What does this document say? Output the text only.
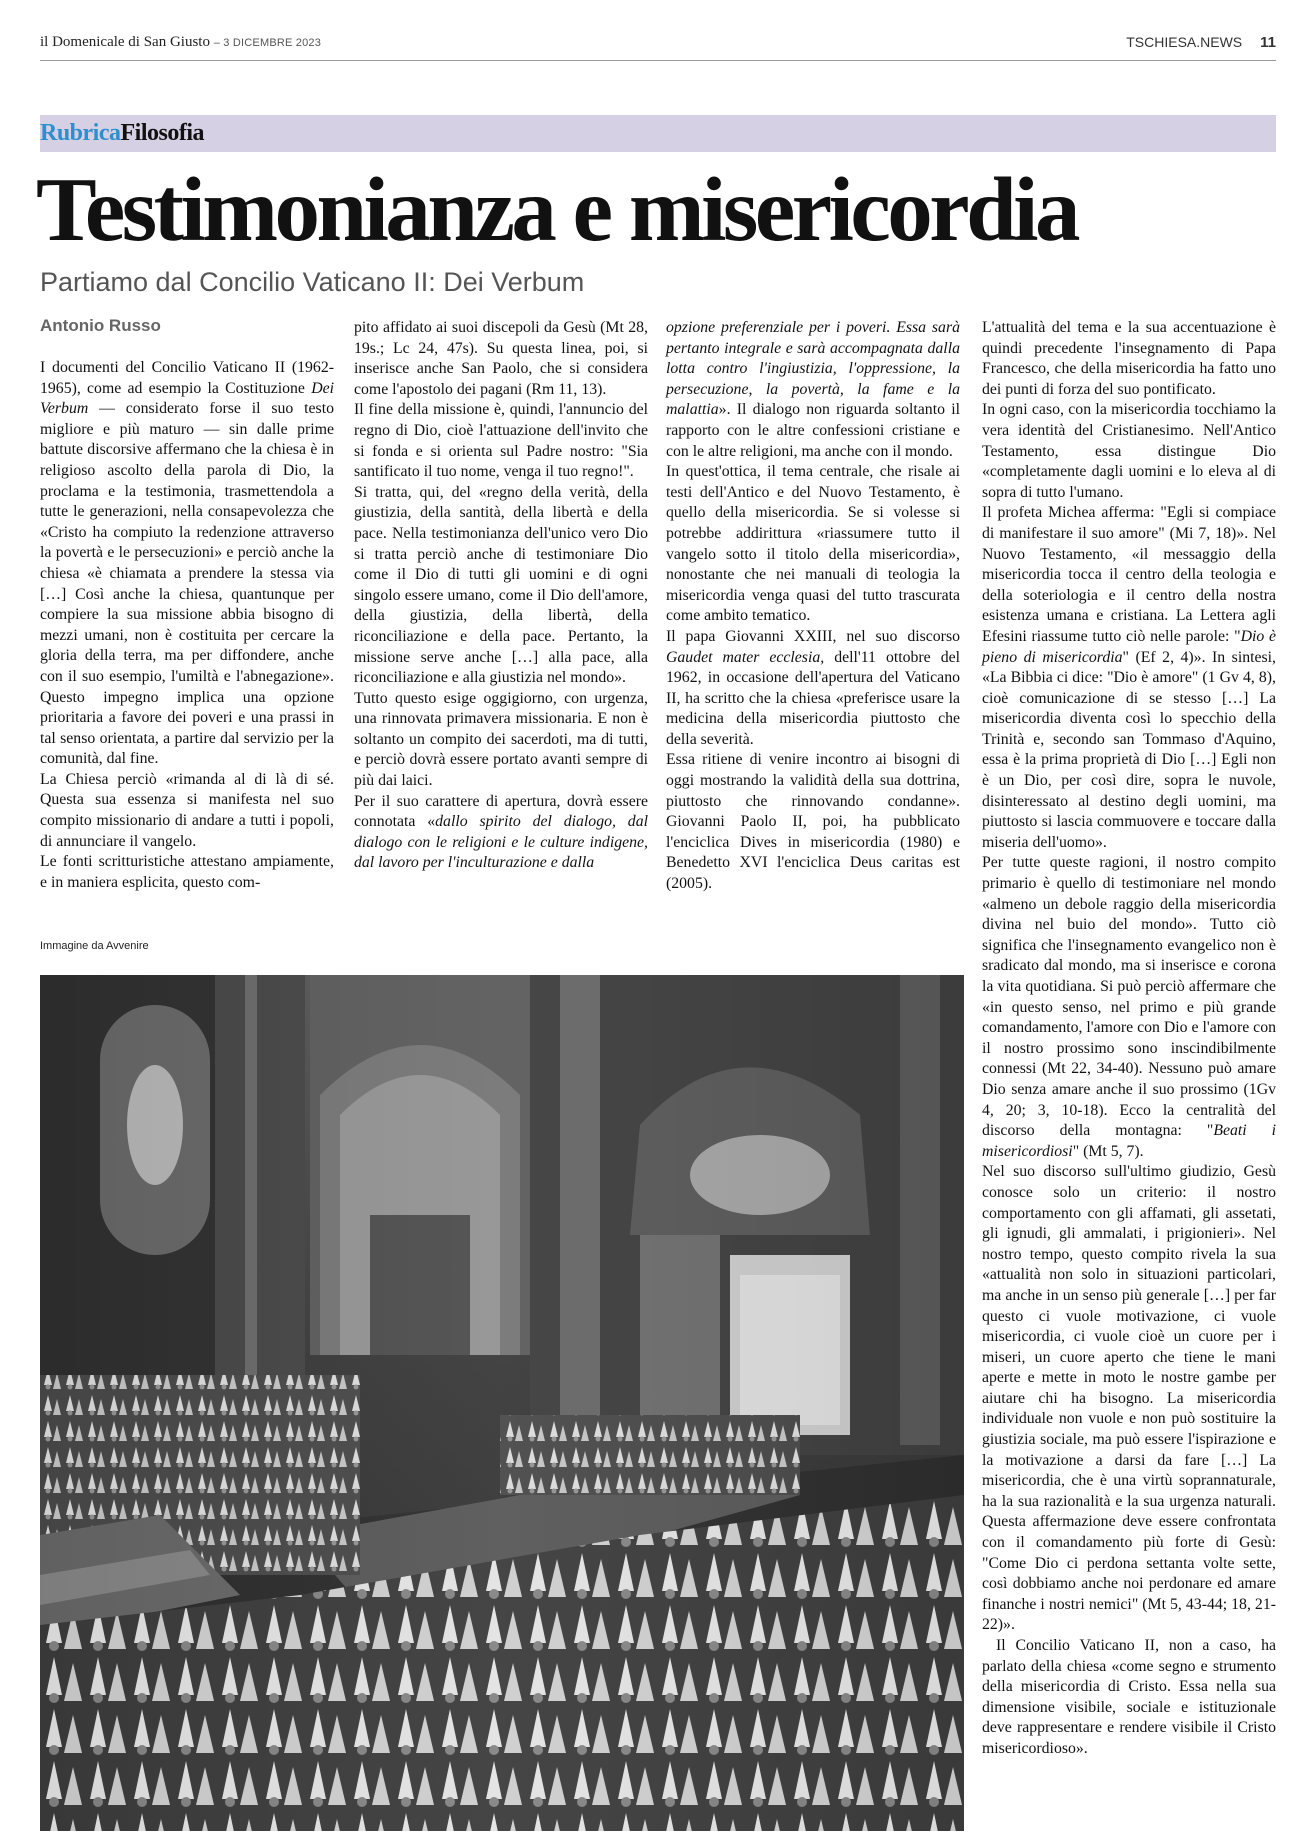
il Domenicale di San Giusto – 3 DICEMBRE 2023	TSCHIESA.NEWS 11
RubricaFilosofia
Testimonianza e misericordia
Partiamo dal Concilio Vaticano II: Dei Verbum
Antonio Russo

I documenti del Concilio Vaticano II (1962-1965), come ad esempio la Costituzione Dei Verbum — considerato forse il suo testo migliore e più maturo — sin dalle prime battute discorsive affermano che la chiesa è in religioso ascolto della parola di Dio, la proclama e la testimonia, trasmettendola a tutte le generazioni, nella consapevolezza che «Cristo ha compiuto la redenzione attraverso la povertà e le persecuzioni» e perciò anche la chiesa «è chiamata a prendere la stessa via […] Così anche la chiesa, quantunque per compiere la sua missione abbia bisogno di mezzi umani, non è costituita per cercare la gloria della terra, ma per diffondere, anche con il suo esempio, l'umiltà e l'abnegazione». Questo impegno implica una opzione prioritaria a favore dei poveri e una prassi in tal senso orientata, a partire dal servizio per la comunità, dal fine.

La Chiesa perciò «rimanda al di là di sé. Questa sua essenza si manifesta nel suo compito missionario di andare a tutti i popoli, di annunciare il vangelo.

Le fonti scritturistiche attestano ampiamente, e in maniera esplicita, questo com-

pito affidato ai suoi discepoli da Gesù (Mt 28, 19s.; Lc 24, 47s). Su questa linea, poi, si inserisce anche San Paolo, che si considera come l'apostolo dei pagani (Rm 11, 13).

Il fine della missione è, quindi, l'annuncio del regno di Dio, cioè l'attuazione dell'invito che si fonda e si orienta sul Padre nostro: "Sia santificato il tuo nome, venga il tuo regno!".

Si tratta, qui, del «regno della verità, della giustizia, della santità, della libertà e della pace. Nella testimonianza dell'unico vero Dio si tratta perciò anche di testimoniare Dio come il Dio di tutti gli uomini e di ogni singolo essere umano, come il Dio dell'amore, della giustizia, della libertà, della riconciliazione e della pace. Pertanto, la missione serve anche […] alla pace, alla riconciliazione e alla giustizia nel mondo».

Tutto questo esige oggigiorno, con urgenza, una rinnovata primavera missionaria. E non è soltanto un compito dei sacerdoti, ma di tutti, e perciò dovrà essere portato avanti sempre di più dai laici.

Per il suo carattere di apertura, dovrà essere connotata «dallo spirito del dialogo, dal dialogo con le religioni e le culture indigene, dal lavoro per l'inculturazione e dalla

opzione preferenziale per i poveri. Essa sarà pertanto integrale e sarà accompagnata dalla lotta contro l'ingiustizia, l'oppressione, la persecuzione, la povertà, la fame e la malattia». Il dialogo non riguarda soltanto il rapporto con le altre confessioni cristiane e con le altre religioni, ma anche con il mondo.

In quest'ottica, il tema centrale, che risale ai testi dell'Antico e del Nuovo Testamento, è quello della misericordia. Se si volesse si potrebbe addirittura «riassumere tutto il vangelo sotto il titolo della misericordia», nonostante che nei manuali di teologia la misericordia venga quasi del tutto trascurata come ambito tematico.

Il papa Giovanni XXIII, nel suo discorso Gaudet mater ecclesia, dell'11 ottobre del 1962, in occasione dell'apertura del Vaticano II, ha scritto che la chiesa «preferisce usare la medicina della misericordia piuttosto che della severità.

Essa ritiene di venire incontro ai bisogni di oggi mostrando la validità della sua dottrina, piuttosto che rinnovando condanne». Giovanni Paolo II, poi, ha pubblicato l'enciclica Dives in misericordia (1980) e Benedetto XVI l'enciclica Deus caritas est (2005).

L'attualità del tema e la sua accentuazione è quindi precedente l'insegnamento di Papa Francesco, che della misericordia ha fatto uno dei punti di forza del suo pontificato.

In ogni caso, con la misericordia tocchiamo la vera identità del Cristianesimo. Nell'Antico Testamento, essa distingue Dio «completamente dagli uomini e lo eleva al di sopra di tutto l'umano.

Il profeta Michea afferma: "Egli si compiace di manifestare il suo amore" (Mi 7, 18)». Nel Nuovo Testamento, «il messaggio della misericordia tocca il centro della teologia e della soteriologia e il centro della nostra esistenza umana e cristiana. La Lettera agli Efesini riassume tutto ciò nelle parole: "Dio è pieno di misericordia" (Ef 2, 4)». In sintesi, «La Bibbia ci dice: "Dio è amore" (1 Gv 4, 8), cioè comunicazione di se stesso […] La misericordia diventa così lo specchio della Trinità e, secondo san Tommaso d'Aquino, essa è la prima proprietà di Dio […] Egli non è un Dio, per così dire, sopra le nuvole, disinteressato al destino degli uomini, ma piuttosto si lascia commuovere e toccare dalla miseria dell'uomo».

Per tutte queste ragioni, il nostro compito primario è quello di testimoniare nel mondo «almeno un debole raggio della misericordia divina nel buio del mondo». Tutto ciò significa che l'insegnamento evangelico non è sradicato dal mondo, ma si inserisce e corona la vita quotidiana. Si può perciò affermare che «in questo senso, nel primo e più grande comandamento, l'amore con Dio e l'amore con il nostro prossimo sono inscindibilmente connessi (Mt 22, 34-40). Nessuno può amare Dio senza amare anche il suo prossimo (1Gv 4, 20; 3, 10-18). Ecco la centralità del discorso della montagna: "Beati i misericordiosi" (Mt 5, 7).

Nel suo discorso sull'ultimo giudizio, Gesù conosce solo un criterio: il nostro comportamento con gli affamati, gli assetati, gli ignudi, gli ammalati, i prigionieri». Nel nostro tempo, questo compito rivela la sua «attualità non solo in situazioni particolari, ma anche in un senso più generale […] per far questo ci vuole motivazione, ci vuole misericordia, ci vuole cioè un cuore per i miseri, un cuore aperto che tiene le mani aperte e mette in moto le nostre gambe per aiutare chi ha bisogno. La misericordia individuale non vuole e non può sostituire la giustizia sociale, ma può essere l'ispirazione e la motivazione a darsi da fare […] La misericordia, che è una virtù soprannaturale, ha la sua razionalità e la sua urgenza naturali. Questa affermazione deve essere confrontata con il comandamento più forte di Gesù: "Come Dio ci perdona settanta volte sette, così dobbiamo anche noi perdonare ed amare finanche i nostri nemici" (Mt 5, 43-44; 18, 21-22)».

Il Concilio Vaticano II, non a caso, ha parlato della chiesa «come segno e strumento della misericordia di Cristo. Essa nella sua dimensione visibile, sociale e istituzionale deve rappresentare e rendere visibile il Cristo misericordioso».

Immagine da Avvenire
